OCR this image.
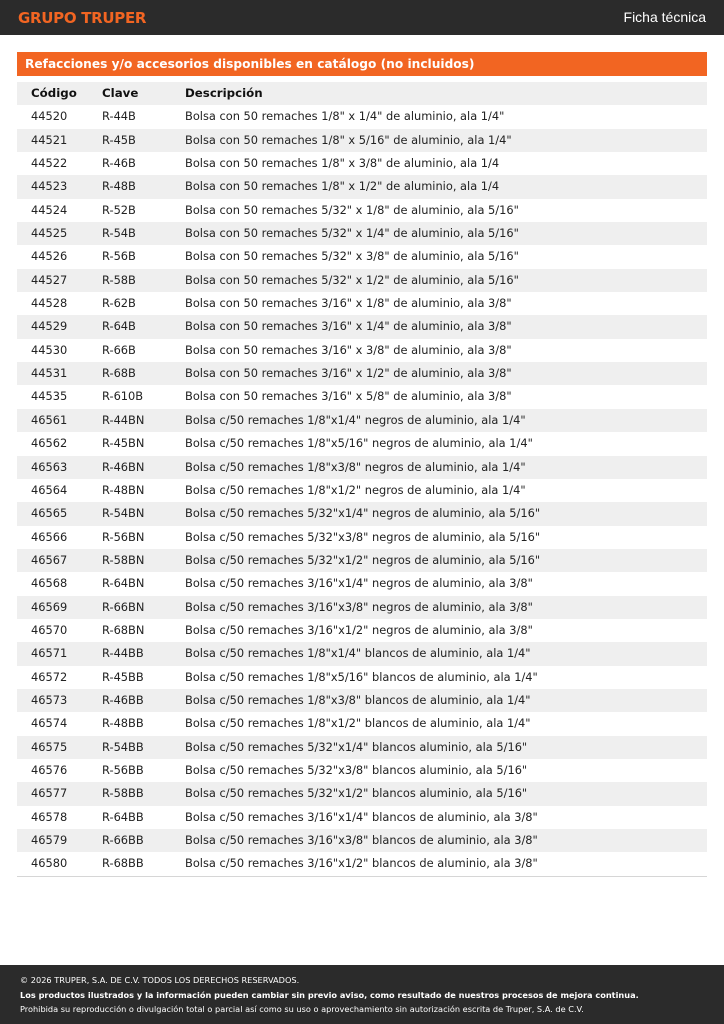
GRUPO TRUPER	Ficha técnica
Refacciones y/o accesorios disponibles en catálogo (no incluidos)
Código Clave	Descripción
44520	R-44B	Bolsa con 50 remaches 1/8" x 1/4" de aluminio, ala 1/4"
44521	R-45B	Bolsa con 50 remaches 1/8" x 5/16" de aluminio, ala 1/4"
44522	R-46B	Bolsa con 50 remaches 1/8" x 3/8" de aluminio, ala 1/4
44523	R-48B	Bolsa con 50 remaches 1/8" x 1/2" de aluminio, ala 1/4
44524	R-52B	Bolsa con 50 remaches 5/32" x 1/8" de aluminio, ala 5/16"
44525	R-54B	Bolsa con 50 remaches 5/32" x 1/4" de aluminio, ala 5/16"
44526	R-56B	Bolsa con 50 remaches 5/32" x 3/8" de aluminio, ala 5/16"
44527	R-58B	Bolsa con 50 remaches 5/32" x 1/2" de aluminio, ala 5/16"
44528	R-62B	Bolsa con 50 remaches 3/16" x 1/8" de aluminio, ala 3/8"
44529	R-64B	Bolsa con 50 remaches 3/16" x 1/4" de aluminio, ala 3/8"
44530	R-66B	Bolsa con 50 remaches 3/16" x 3/8" de aluminio, ala 3/8"
44531	R-68B	Bolsa con 50 remaches 3/16" x 1/2" de aluminio, ala 3/8"
44535	R-610B	Bolsa con 50 remaches 3/16" x 5/8" de aluminio, ala 3/8"
46561	R-44BN	Bolsa c/50 remaches 1/8"x1/4" negros de aluminio, ala 1/4"
46562	R-45BN	Bolsa c/50 remaches 1/8"x5/16" negros de aluminio, ala 1/4"
46563	R-46BN	Bolsa c/50 remaches 1/8"x3/8" negros de aluminio, ala 1/4"
46564	R-48BN	Bolsa c/50 remaches 1/8"x1/2" negros de aluminio, ala 1/4"
46565	R-54BN	Bolsa c/50 remaches 5/32"x1/4" negros de aluminio, ala 5/16"
46566	R-56BN	Bolsa c/50 remaches 5/32"x3/8" negros de aluminio, ala 5/16"
46567	R-58BN	Bolsa c/50 remaches 5/32"x1/2" negros de aluminio, ala 5/16"
46568	R-64BN	Bolsa c/50 remaches 3/16"x1/4" negros de aluminio, ala 3/8"
46569	R-66BN	Bolsa c/50 remaches 3/16"x3/8" negros de aluminio, ala 3/8"
46570	R-68BN	Bolsa c/50 remaches 3/16"x1/2" negros de aluminio, ala 3/8"
46571	R-44BB	Bolsa c/50 remaches 1/8"x1/4" blancos de aluminio, ala 1/4"
46572	R-45BB	Bolsa c/50 remaches 1/8"x5/16" blancos de aluminio, ala 1/4"
46573	R-46BB	Bolsa c/50 remaches 1/8"x3/8" blancos de aluminio, ala 1/4"
46574	R-48BB	Bolsa c/50 remaches 1/8"x1/2" blancos de aluminio, ala 1/4"
46575	R-54BB	Bolsa c/50 remaches 5/32"x1/4" blancos aluminio, ala 5/16"
46576	R-56BB	Bolsa c/50 remaches 5/32"x3/8" blancos aluminio, ala 5/16"
46577	R-58BB	Bolsa c/50 remaches 5/32"x1/2" blancos aluminio, ala 5/16"
46578	R-64BB	Bolsa c/50 remaches 3/16"x1/4" blancos de aluminio, ala 3/8"
46579	R-66BB	Bolsa c/50 remaches 3/16"x3/8" blancos de aluminio, ala 3/8"
46580	R-68BB	Bolsa c/50 remaches 3/16"x1/2" blancos de aluminio, ala 3/8"
© 2026 TRUPER, S.A. DE C.V. TODOS LOS DERECHOS RESERVADOS.
Los productos ilustrados y la información pueden cambiar sin previo aviso, como resultado de nuestros procesos de mejora continua.
Prohibida su reproducción o divulgación total o parcial así como su uso o aprovechamiento sin autorización escrita de Truper, S.A. de C.V.
